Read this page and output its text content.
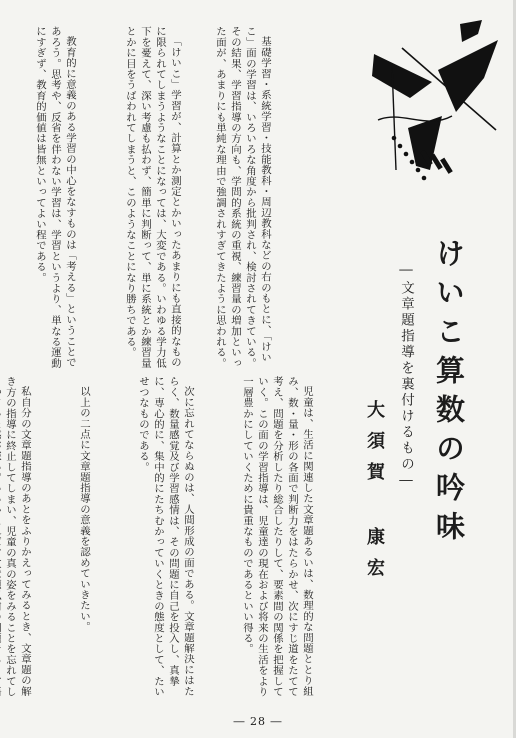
基礎学習・系統学習・技能教科・周辺教科などの右のもとに、「けいこ」面の学習は、いろいろな角度から批判され、検討されてきている。その結果、学習指導の方向も、学問的系統の重視、練習量の増加といった面が、あまりにも単純な理由で強調されすぎてきたように思われる。

「けいこ」学習が、計算とか測定とかいったあまりにも直接的なものに限られてしまうようなことになっては、大変である。いわゆる学力低下を憂えて、深い考慮も払わず、簡単に判断って、単に系統とか練習量とかに目をうばわれてしまうと、このようなことになり勝ちである。

教育的に意義のある学習の中心をなすものは「考える」ということであろう。思考や、反省を伴わない学習は、学習というより、単なる運動にすぎず、教育的価値は皆無といってよい程である。

けいこ算数の吟味
―文章題指導を裏付けるもの―
大須賀 康宏

児童は、生活に関連した文章題あるいは、数理的な問題ととり組み、数・量・形の各面で判断力をはたらかせ、次にすじ道をたてて考え、問題を分析したり総合したりして、要素間の関係を把握していく。この面の学習指導は、児童達の現在および将来の生活をより一層豊かにしていくために貴重なものであるといい得る。

次に忘れてならぬのは、人間形成の面である。文章題解決にはたらく、数量感覚及び学習感情は、その問題に自己を投入し、真摯に、専心的に、集中的にたちむかっていくときの態度として、たいせつなものである。

以上の二点に文章題指導の意義を認めていきたい。

私自分の文章題指導のあとをふりかえってみるとき、文章題の解き方の指導に終止してしまい、児童の真の姿をみることを忘れてし

― 28 ―
